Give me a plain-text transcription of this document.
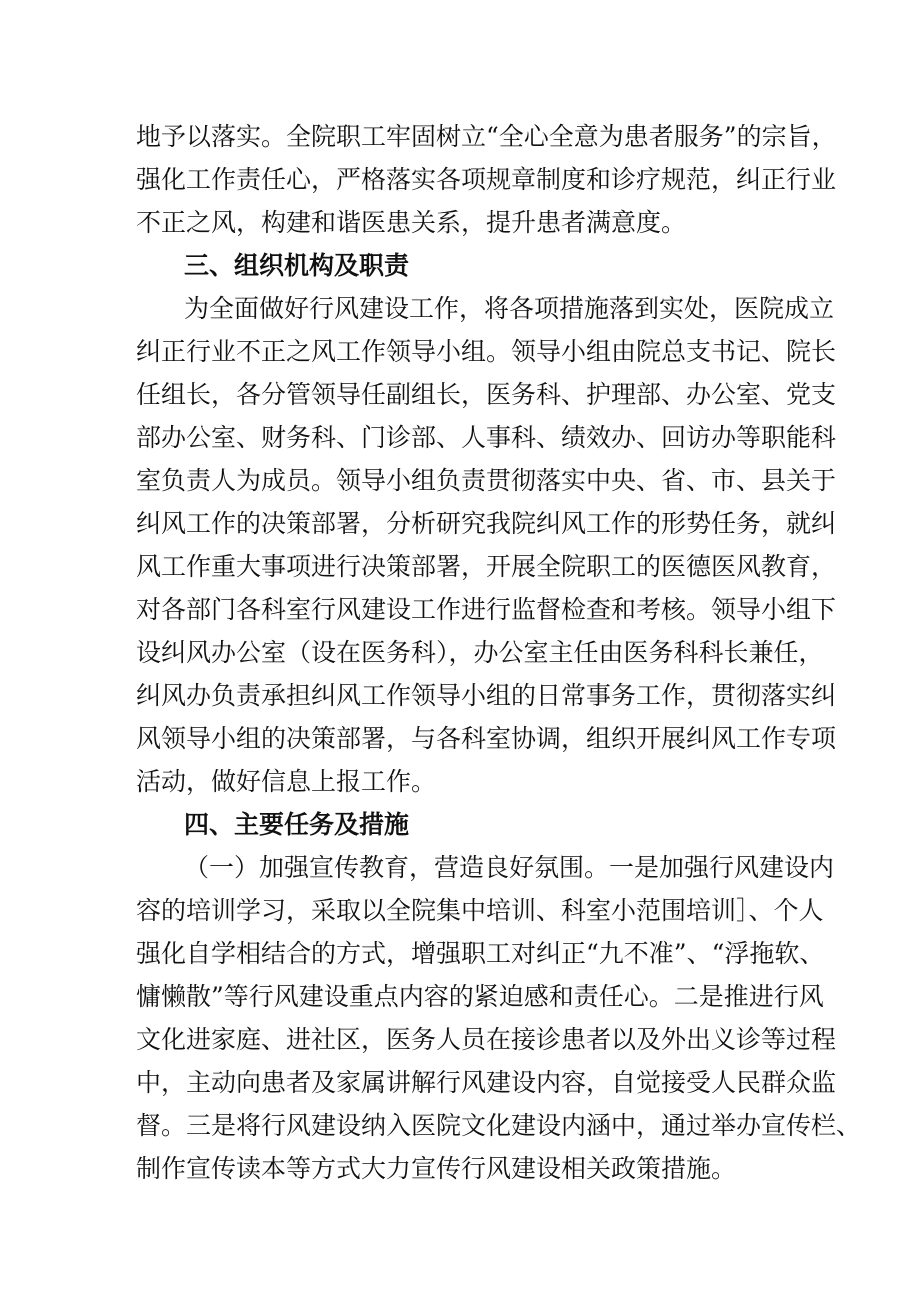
地予以落实。全院职工牢固树立“全心全意为患者服务”的宗旨，
强化工作责任心，严格落实各项规章制度和诊疗规范，纠正行业
不正之风，构建和谐医患关系，提升患者满意度。
三、组织机构及职责
为全面做好行风建设工作，将各项措施落到实处，医院成立
纠正行业不正之风工作领导小组。领导小组由院总支书记、院长
任组长，各分管领导任副组长，医务科、护理部、办公室、党支
部办公室、财务科、门诊部、人事科、绩效办、回访办等职能科
室负责人为成员。领导小组负责贯彻落实中央、省、市、县关于
纠风工作的决策部署，分析研究我院纠风工作的形势任务，就纠
风工作重大事项进行决策部署，开展全院职工的医德医风教育，
对各部门各科室行风建设工作进行监督检查和考核。领导小组下
设纠风办公室（设在医务科），办公室主任由医务科科长兼任，
纠风办负责承担纠风工作领导小组的日常事务工作，贯彻落实纠
风领导小组的决策部署，与各科室协调，组织开展纠风工作专项
活动，做好信息上报工作。
四、主要任务及措施
（一）加强宣传教育，营造良好氛围。一是加强行风建设内
容的培训学习，采取以全院集中培训、科室小范围培训］、个人
强化自学相结合的方式，增强职工对纠正“九不准”、“浮拖软、
慵懒散”等行风建设重点内容的紧迫感和责任心。二是推进行风
文化进家庭、进社区，医务人员在接诊患者以及外出义诊等过程
中，主动向患者及家属讲解行风建设内容，自觉接受人民群众监
督。三是将行风建设纳入医院文化建设内涵中，通过举办宣传栏、
制作宣传读本等方式大力宣传行风建设相关政策措施。
